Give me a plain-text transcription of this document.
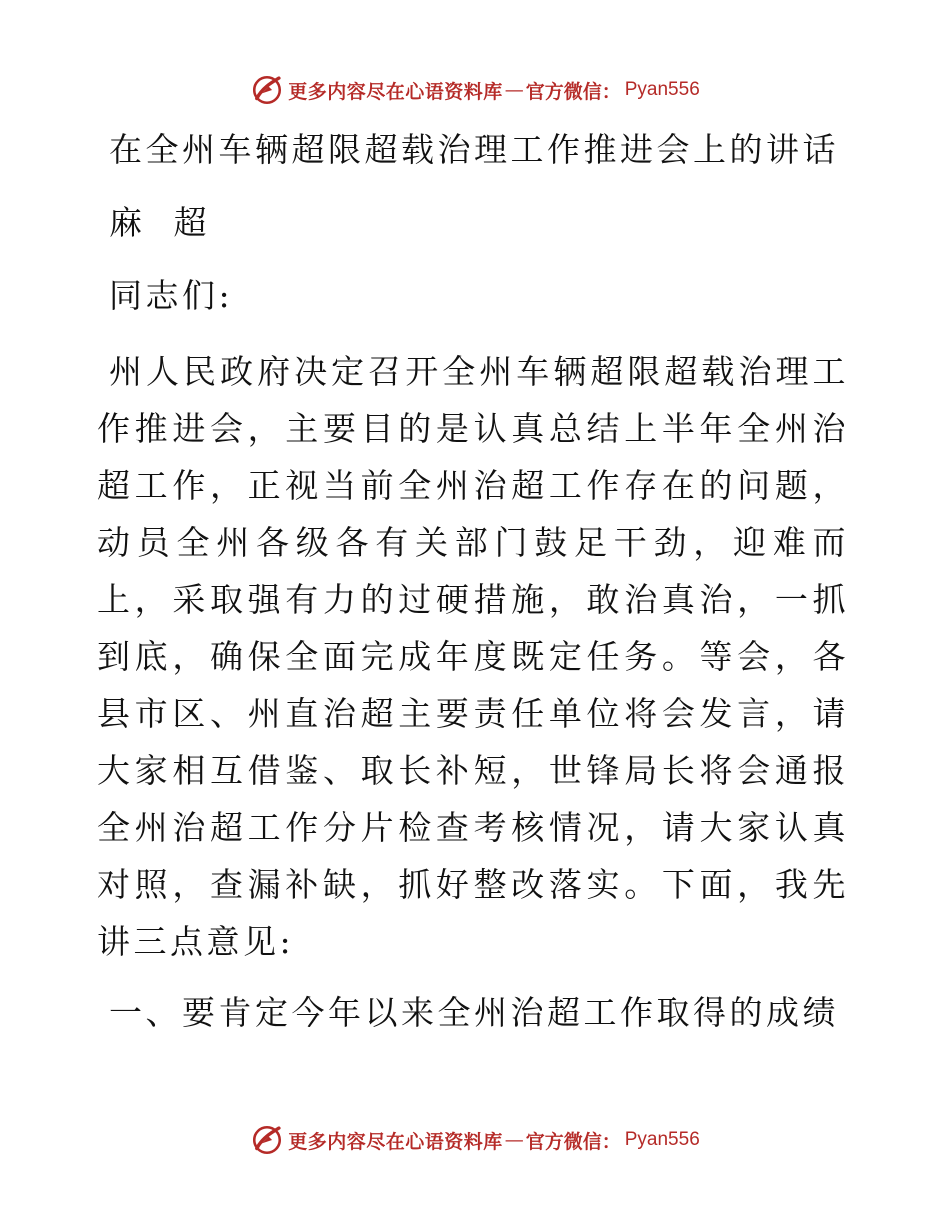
更多内容尽在心语资料库 — 官方微信： Pyan556
在全州车辆超限超载治理工作推进会上的讲话
麻  超
同志们:
州人民政府决定召开全州车辆超限超载治理工作推进会，主要目的是认真总结上半年全州治超工作，正视当前全州治超工作存在的问题，动员全州各级各有关部门鼓足干劲，迎难而上，采取强有力的过硬措施，敢治真治，一抓到底，确保全面完成年度既定任务。等会，各县市区、州直治超主要责任单位将会发言，请大家相互借鉴、取长补短，世锋局长将会通报全州治超工作分片检查考核情况，请大家认真对照，查漏补缺，抓好整改落实。下面，我先讲三点意见:
一、要肯定今年以来全州治超工作取得的成绩
更多内容尽在心语资料库 — 官方微信： Pyan556
